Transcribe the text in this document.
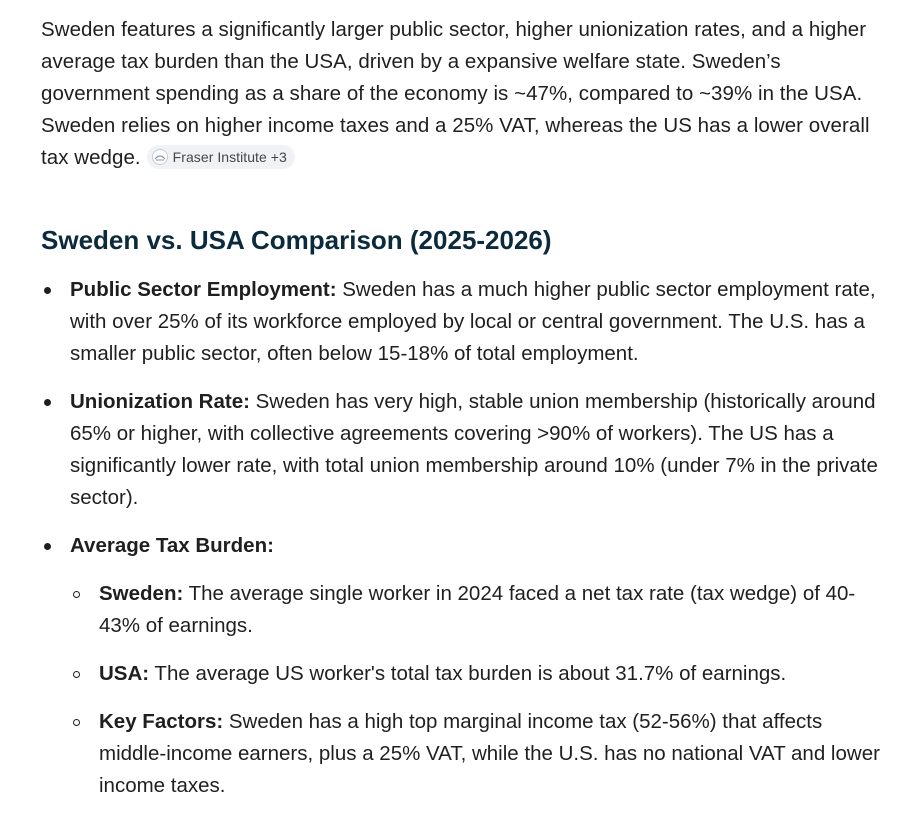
Sweden features a significantly larger public sector, higher unionization rates, and a higher average tax burden than the USA, driven by a expansive welfare state. Sweden’s government spending as a share of the economy is ~47%, compared to ~39% in the USA. Sweden relies on higher income taxes and a 25% VAT, whereas the US has a lower overall tax wedge. Fraser Institute +3

Sweden vs. USA Comparison (2025-2026)
Public Sector Employment: Sweden has a much higher public sector employment rate, with over 25% of its workforce employed by local or central government. The U.S. has a smaller public sector, often below 15-18% of total employment.
Unionization Rate: Sweden has very high, stable union membership (historically around 65% or higher, with collective agreements covering >90% of workers). The US has a significantly lower rate, with total union membership around 10% (under 7% in the private sector).
Average Tax Burden:
Sweden: The average single worker in 2024 faced a net tax rate (tax wedge) of 40-43% of earnings.
USA: The average US worker's total tax burden is about 31.7% of earnings.
Key Factors: Sweden has a high top marginal income tax (52-56%) that affects middle-income earners, plus a 25% VAT, while the U.S. has no national VAT and lower income taxes.
